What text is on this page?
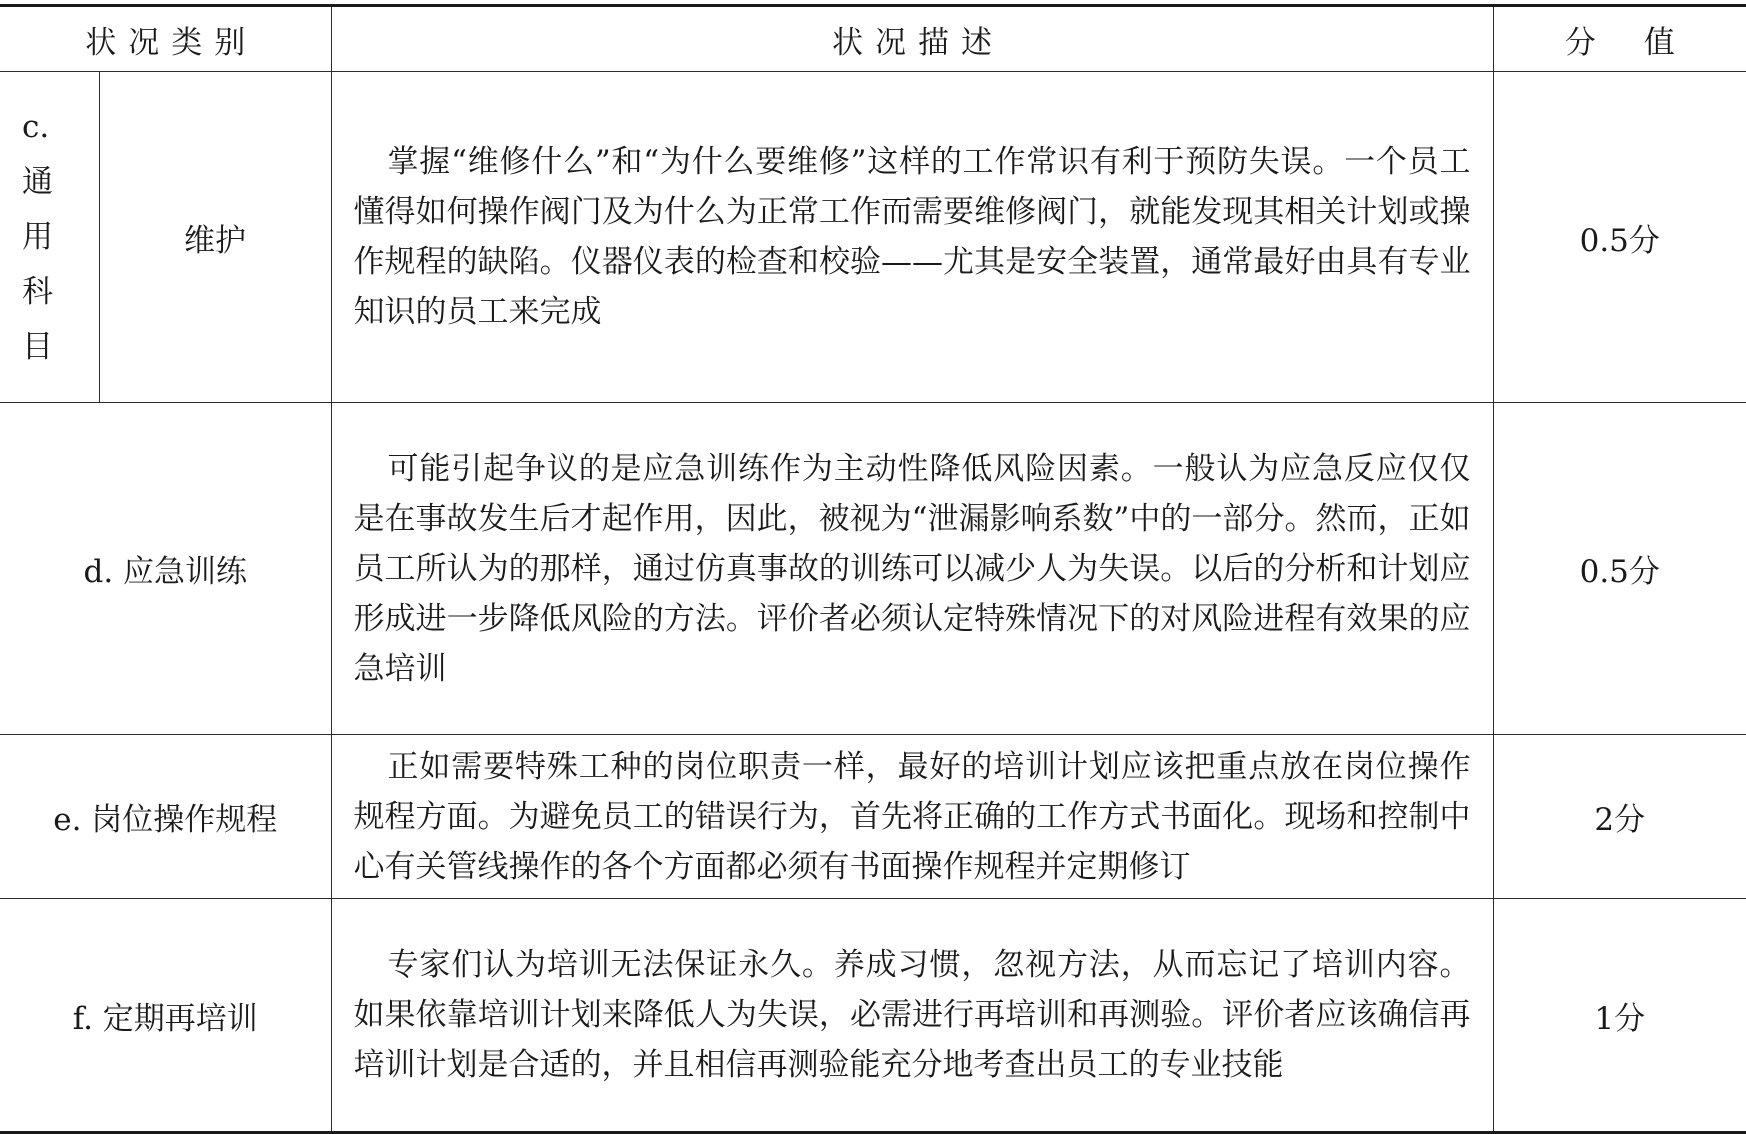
状况类别		状况描述	分 值

c.通用科目	维护	掌握“维修什么”和“为什么要维修”这样的工作常识有利于预防失误。一个员工懂得如何操作阀门及为什么为正常工作而需要维修阀门，就能发现其相关计划或操作规程的缺陷。仪器仪表的检查和校验——尤其是安全装置，通常最好由具有专业知识的员工来完成	0.5分
d. 应急训练		可能引起争议的是应急训练作为主动性降低风险因素。一般认为应急反应仅仅是在事故发生后才起作用，因此，被视为“泄漏影响系数”中的一部分。然而，正如员工所认为的那样，通过仿真事故的训练可以减少人为失误。以后的分析和计划应形成进一步降低风险的方法。评价者必须认定特殊情况下的对风险进程有效果的应急培训	0.5分
e. 岗位操作规程		正如需要特殊工种的岗位职责一样，最好的培训计划应该把重点放在岗位操作规程方面。为避免员工的错误行为，首先将正确的工作方式书面化。现场和控制中心有关管线操作的各个方面都必须有书面操作规程并定期修订	2分
f. 定期再培训		专家们认为培训无法保证永久。养成习惯，忽视方法，从而忘记了培训内容。如果依靠培训计划来降低人为失误，必需进行再培训和再测验。评价者应该确信再培训计划是合适的，并且相信再测验能充分地考查出员工的专业技能	1分
